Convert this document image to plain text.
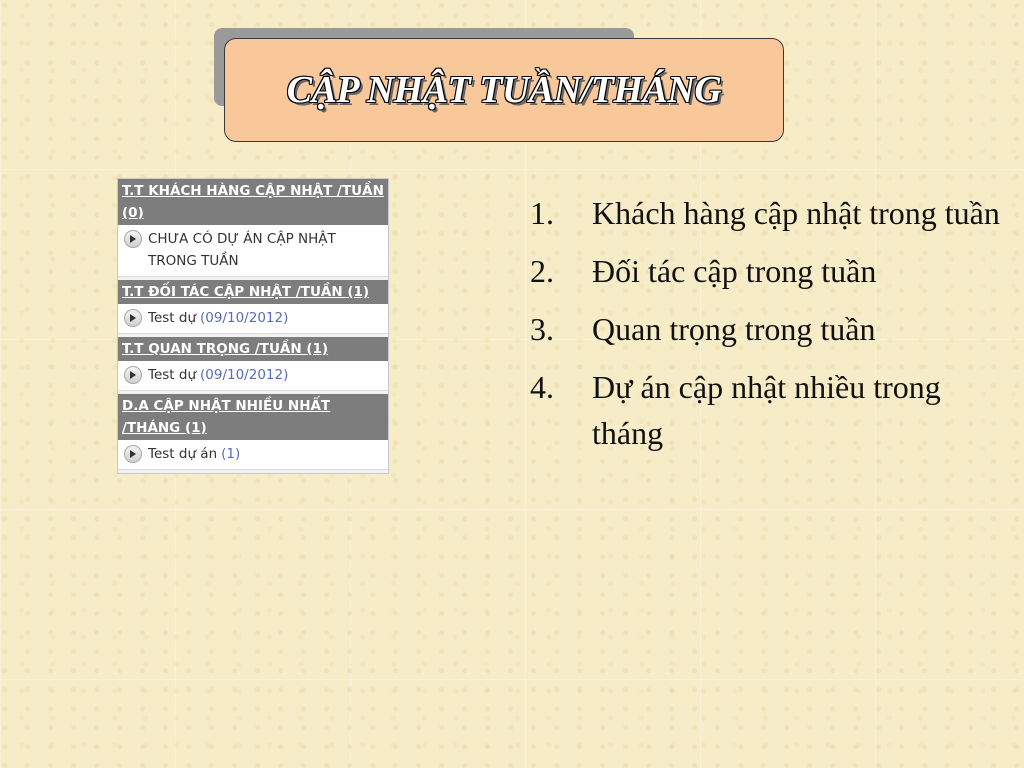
CẬP NHẬT TUẦN/THÁNG
T.T KHÁCH HÀNG CẬP NHẬT /TUẦN (0)
CHƯA CÓ DỰ ÁN CẬP NHẬT TRONG TUẦN
T.T ĐỐI TÁC CẬP NHẬT /TUẦN (1)
Test dự (09/10/2012)
T.T QUAN TRỌNG /TUẦN (1)
Test dự (09/10/2012)
D.A CẬP NHẬT NHIỀU NHẤT /THÁNG (1)
Test dự án (1)
1.	Khách hàng cập nhật trong tuần
2.	Đối tác cập trong tuần
3.	Quan trọng trong tuần
4.	Dự án cập nhật nhiều trong tháng
